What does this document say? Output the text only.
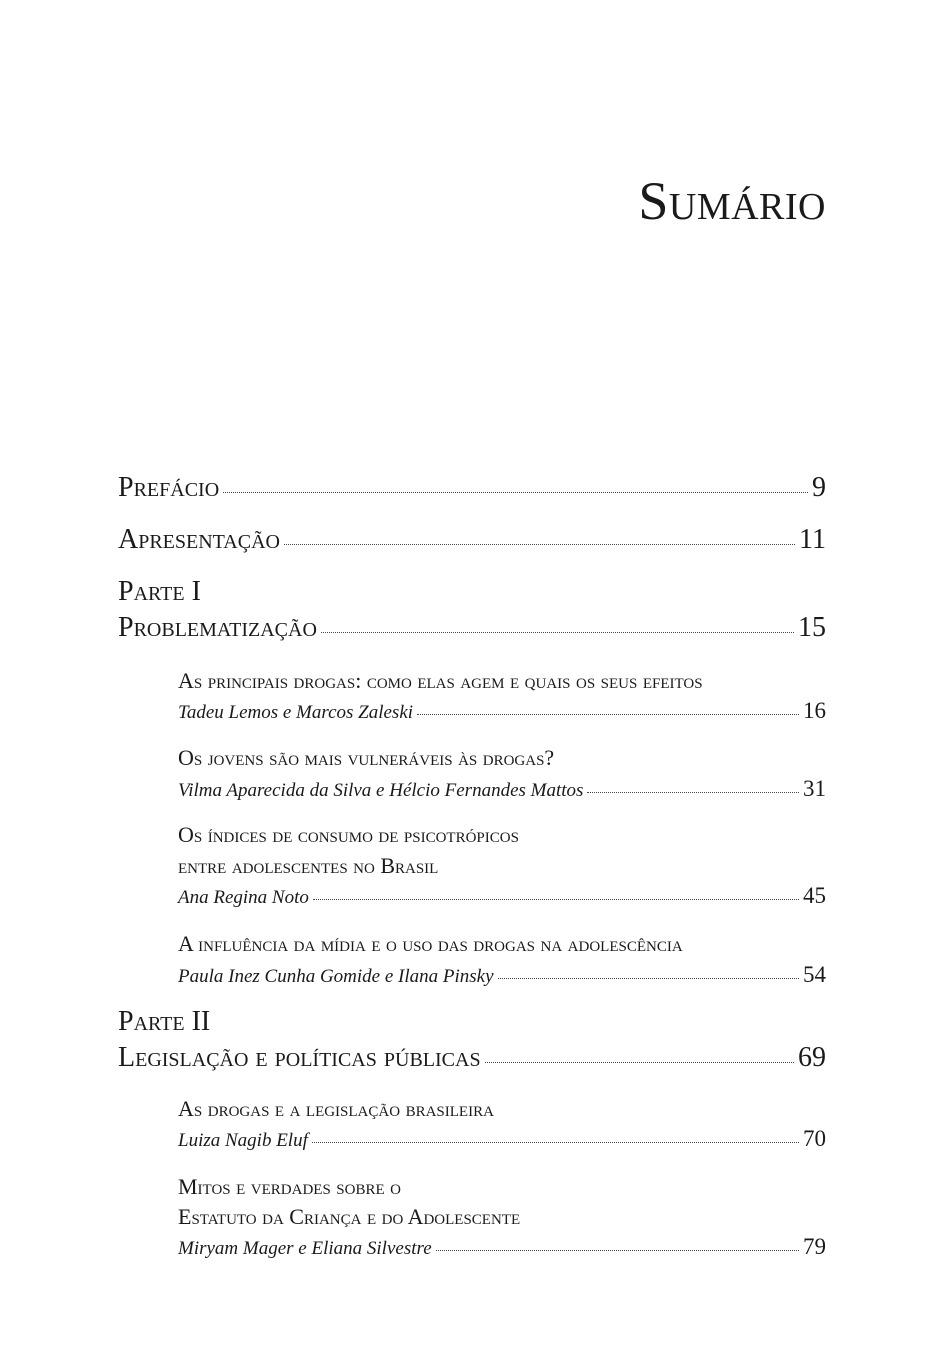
Sumário
Prefácio	9
Apresentação	11
Parte I
Problematização	15
As principais drogas: como elas agem e quais os seus efeitos
Tadeu Lemos e Marcos Zaleski	16
Os jovens são mais vulneráveis às drogas?
Vilma Aparecida da Silva e Hélcio Fernandes Mattos	31
Os índices de consumo de psicotrópicos
entre adolescentes no Brasil
Ana Regina Noto	45
A influência da mídia e o uso das drogas na adolescência
Paula Inez Cunha Gomide e Ilana Pinsky	54
Parte II
Legislação e políticas públicas	69
As drogas e a legislação brasileira
Luiza Nagib Eluf	70
Mitos e verdades sobre o
Estatuto da Criança e do Adolescente
Miryam Mager e Eliana Silvestre	79
